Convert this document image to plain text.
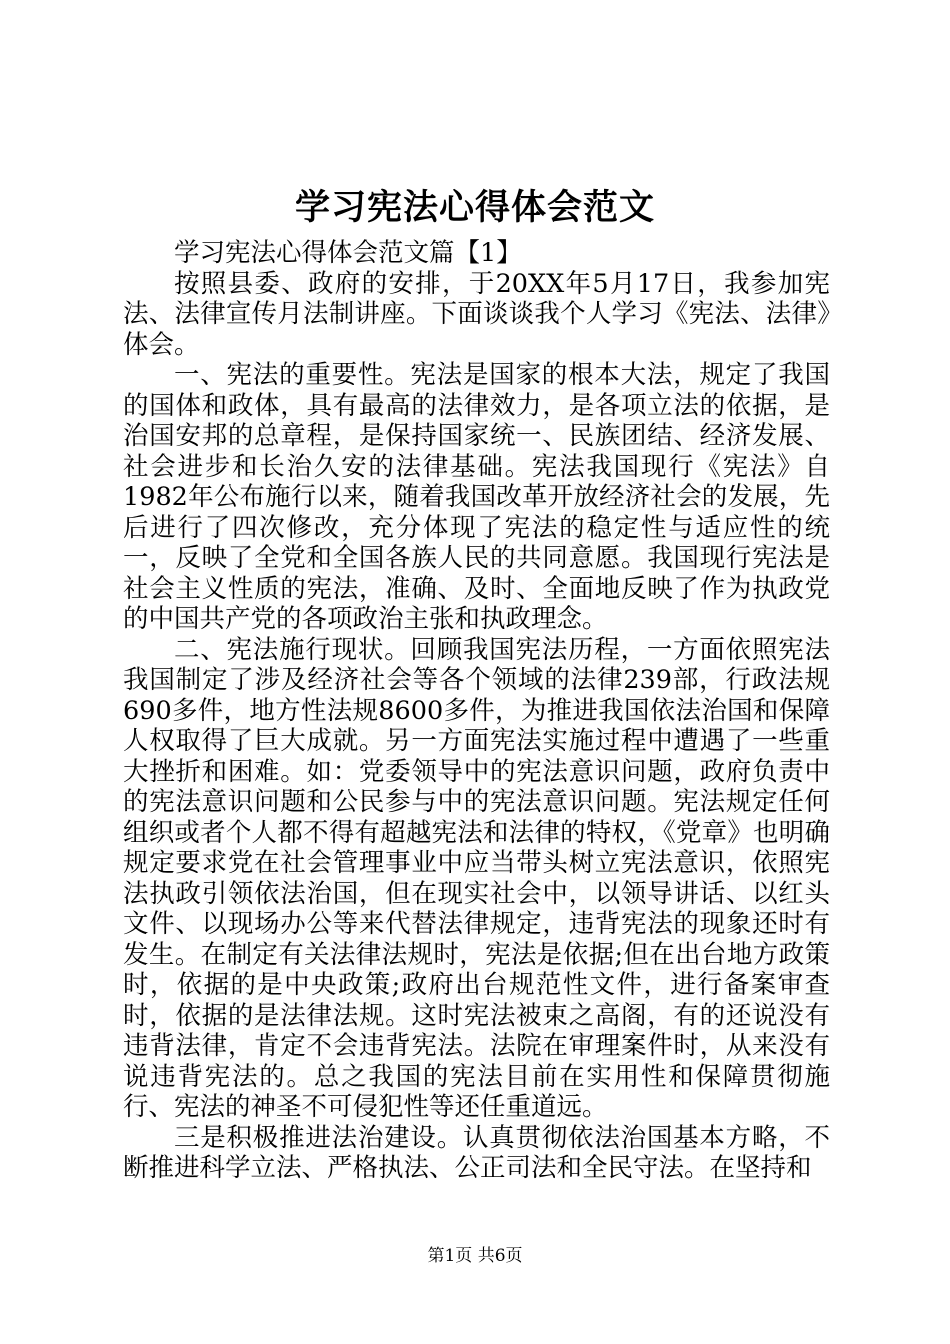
学习宪法心得体会范文

学习宪法心得体会范文篇【1】

按照县委、政府的安排，于20XX年5月17日，我参加宪法、法律宣传月法制讲座。下面谈谈我个人学习《宪法、法律》体会。

一、宪法的重要性。宪法是国家的根本大法，规定了我国的国体和政体，具有最高的法律效力，是各项立法的依据，是治国安邦的总章程，是保持国家统一、民族团结、经济发展、社会进步和长治久安的法律基础。宪法我国现行《宪法》自1982年公布施行以来，随着我国改革开放经济社会的发展，先后进行了四次修改，充分体现了宪法的稳定性与适应性的统一，反映了全党和全国各族人民的共同意愿。我国现行宪法是社会主义性质的宪法，准确、及时、全面地反映了作为执政党的中国共产党的各项政治主张和执政理念。

二、宪法施行现状。回顾我国宪法历程，一方面依照宪法我国制定了涉及经济社会等各个领域的法律239部，行政法规690多件，地方性法规8600多件，为推进我国依法治国和保障人权取得了巨大成就。另一方面宪法实施过程中遭遇了一些重大挫折和困难。如：党委领导中的宪法意识问题，政府负责中的宪法意识问题和公民参与中的宪法意识问题。宪法规定任何组织或者个人都不得有超越宪法和法律的特权，《党章》也明确规定要求党在社会管理事业中应当带头树立宪法意识，依照宪法执政引领依法治国，但在现实社会中，以领导讲话、以红头文件、以现场办公等来代替法律规定，违背宪法的现象还时有发生。在制定有关法律法规时，宪法是依据;但在出台地方政策时，依据的是中央政策;政府出台规范性文件，进行备案审查时，依据的是法律法规。这时宪法被束之高阁，有的还说没有违背法律，肯定不会违背宪法。法院在审理案件时，从来没有说违背宪法的。总之我国的宪法目前在实用性和保障贯彻施行、宪法的神圣不可侵犯性等还任重道远。

三是积极推进法治建设。认真贯彻依法治国基本方略，不断推进科学立法、严格执法、公正司法和全民守法。在坚持和

第1页 共6页
